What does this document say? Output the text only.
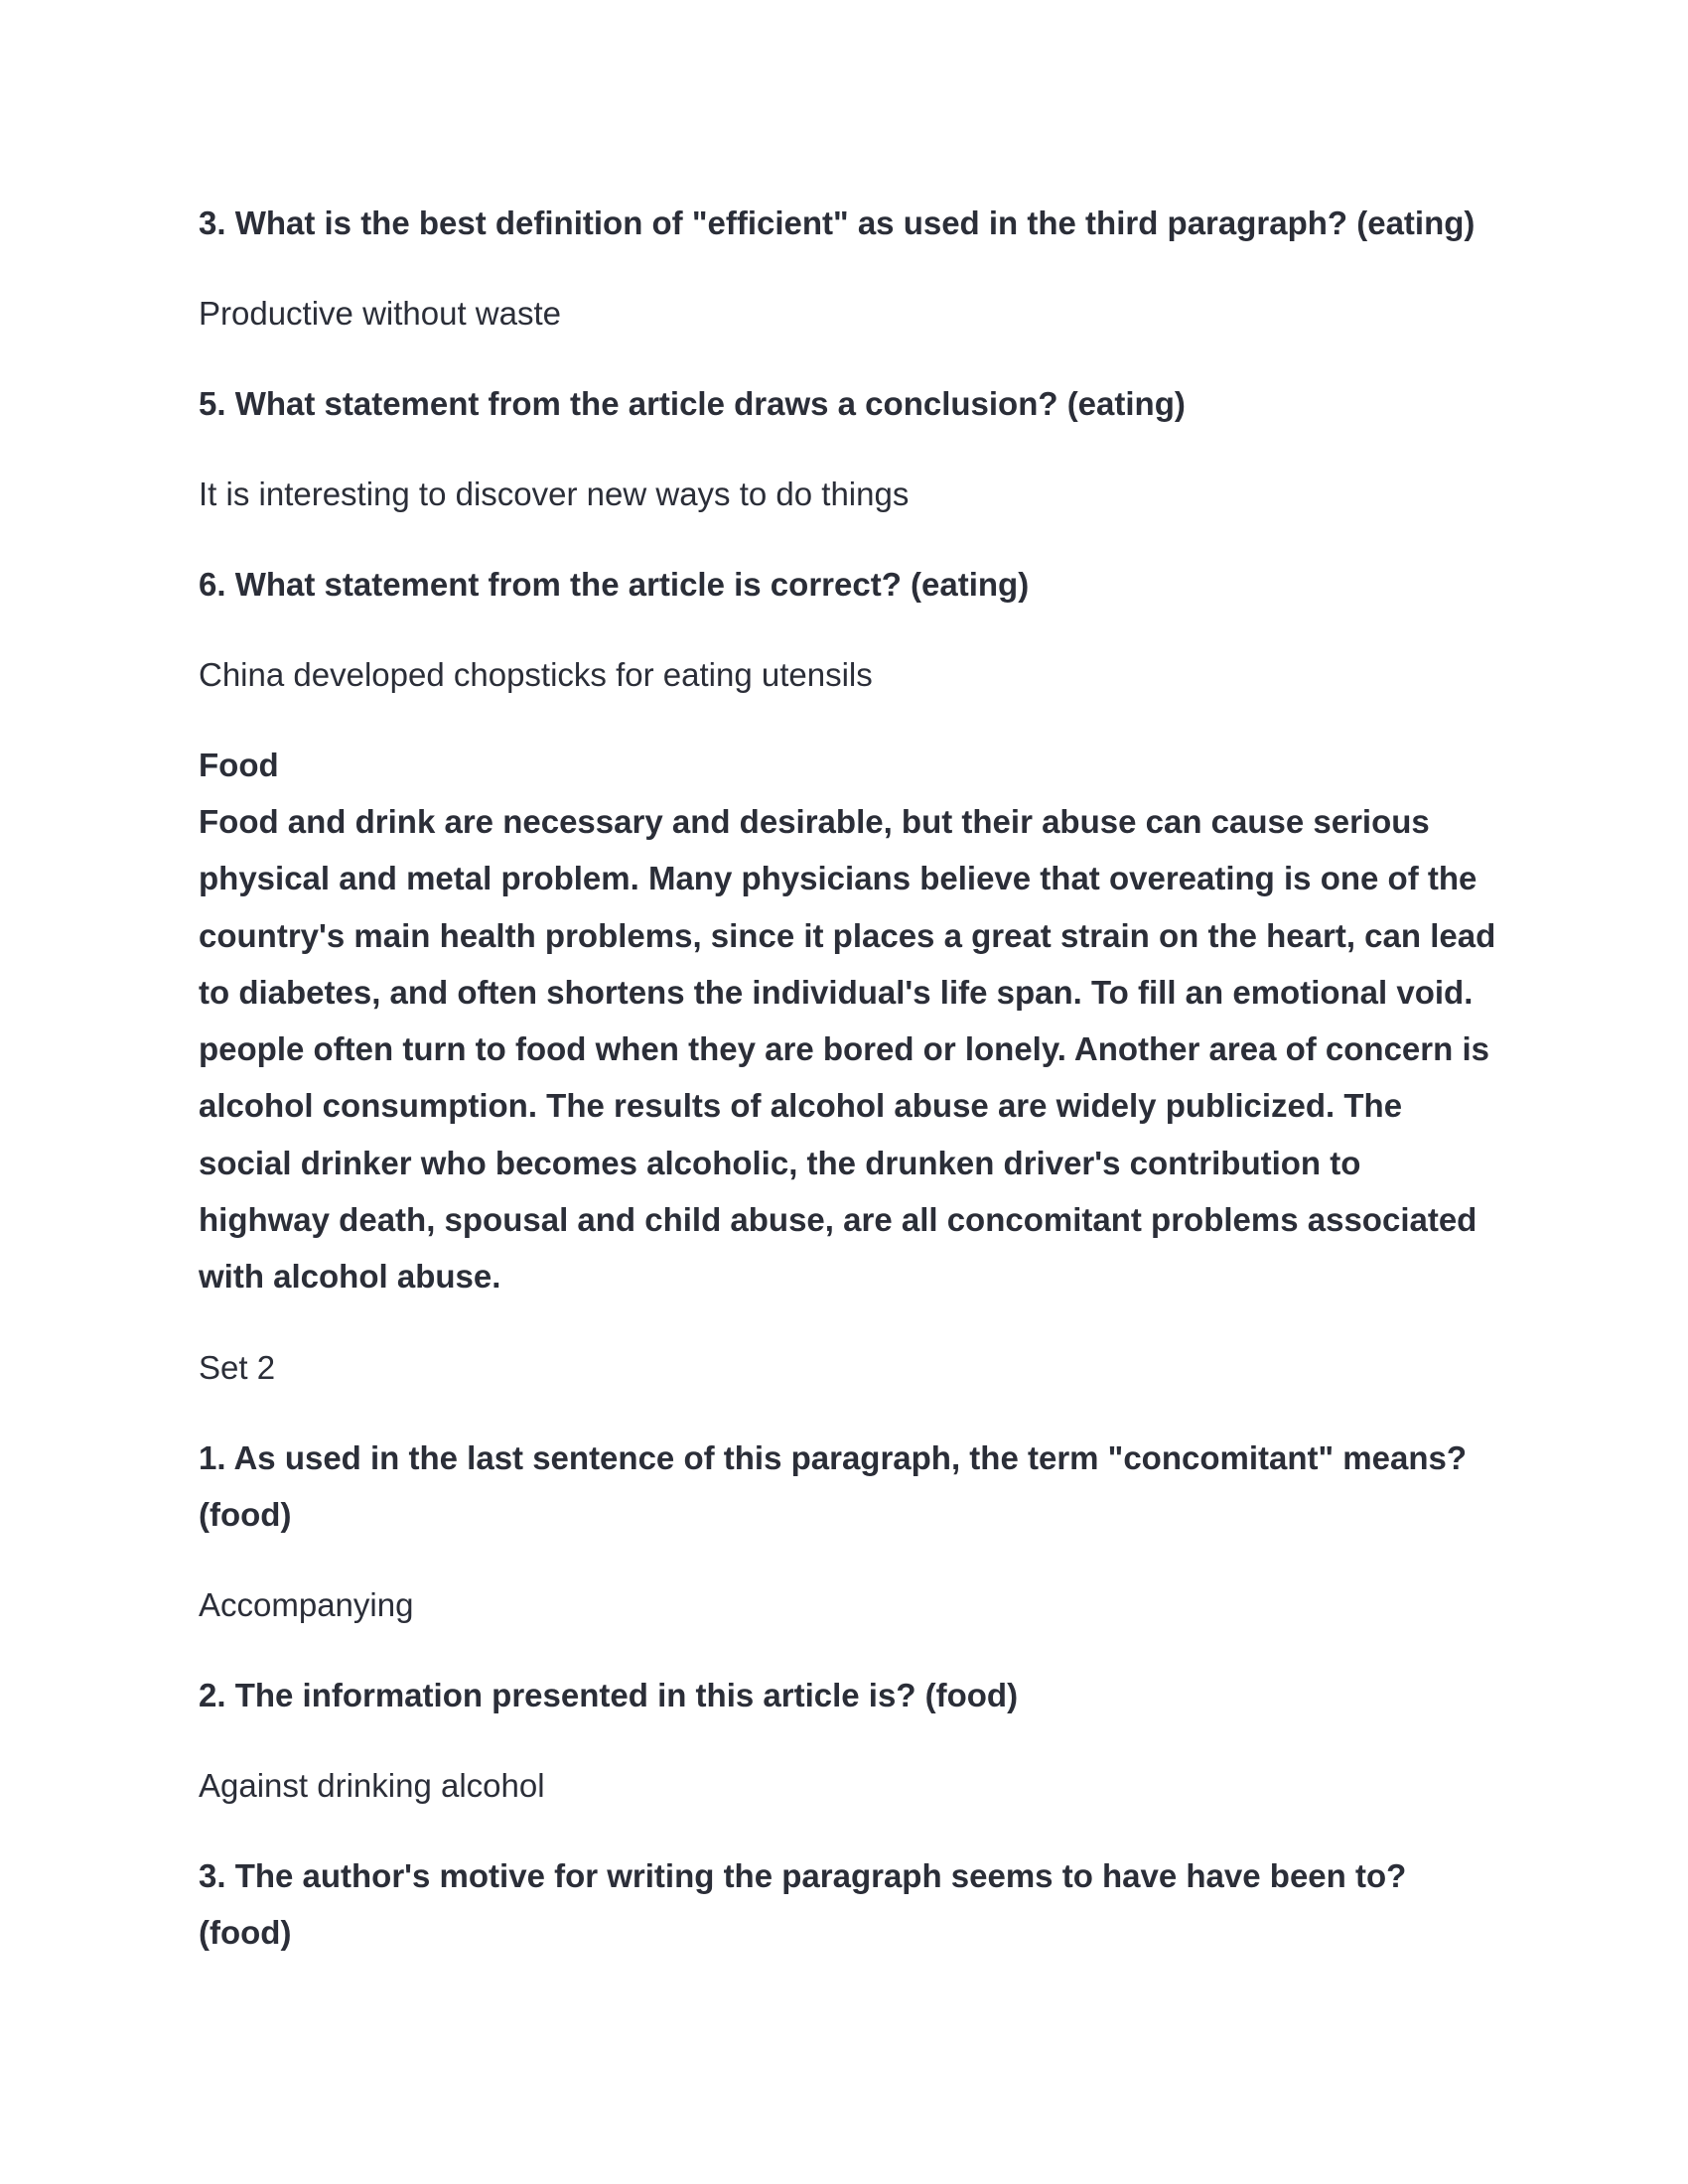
3. What is the best definition of "efficient" as used in the third paragraph? (eating)

Productive without waste

5. What statement from the article draws a conclusion? (eating)

It is interesting to discover new ways to do things

6. What statement from the article is correct? (eating)

China developed chopsticks for eating utensils

Food

Food and drink are necessary and desirable, but their abuse can cause serious physical and metal problem. Many physicians believe that overeating is one of the country's main health problems, since it places a great strain on the heart, can lead to diabetes, and often shortens the individual's life span. To fill an emotional void. people often turn to food when they are bored or lonely. Another area of concern is alcohol consumption. The results of alcohol abuse are widely publicized. The social drinker who becomes alcoholic, the drunken driver's contribution to highway death, spousal and child abuse, are all concomitant problems associated with alcohol abuse.

Set 2

1. As used in the last sentence of this paragraph, the term "concomitant" means? (food)

Accompanying

2. The information presented in this article is? (food)

Against drinking alcohol

3. The author's motive for writing the paragraph seems to have have been to? (food)
